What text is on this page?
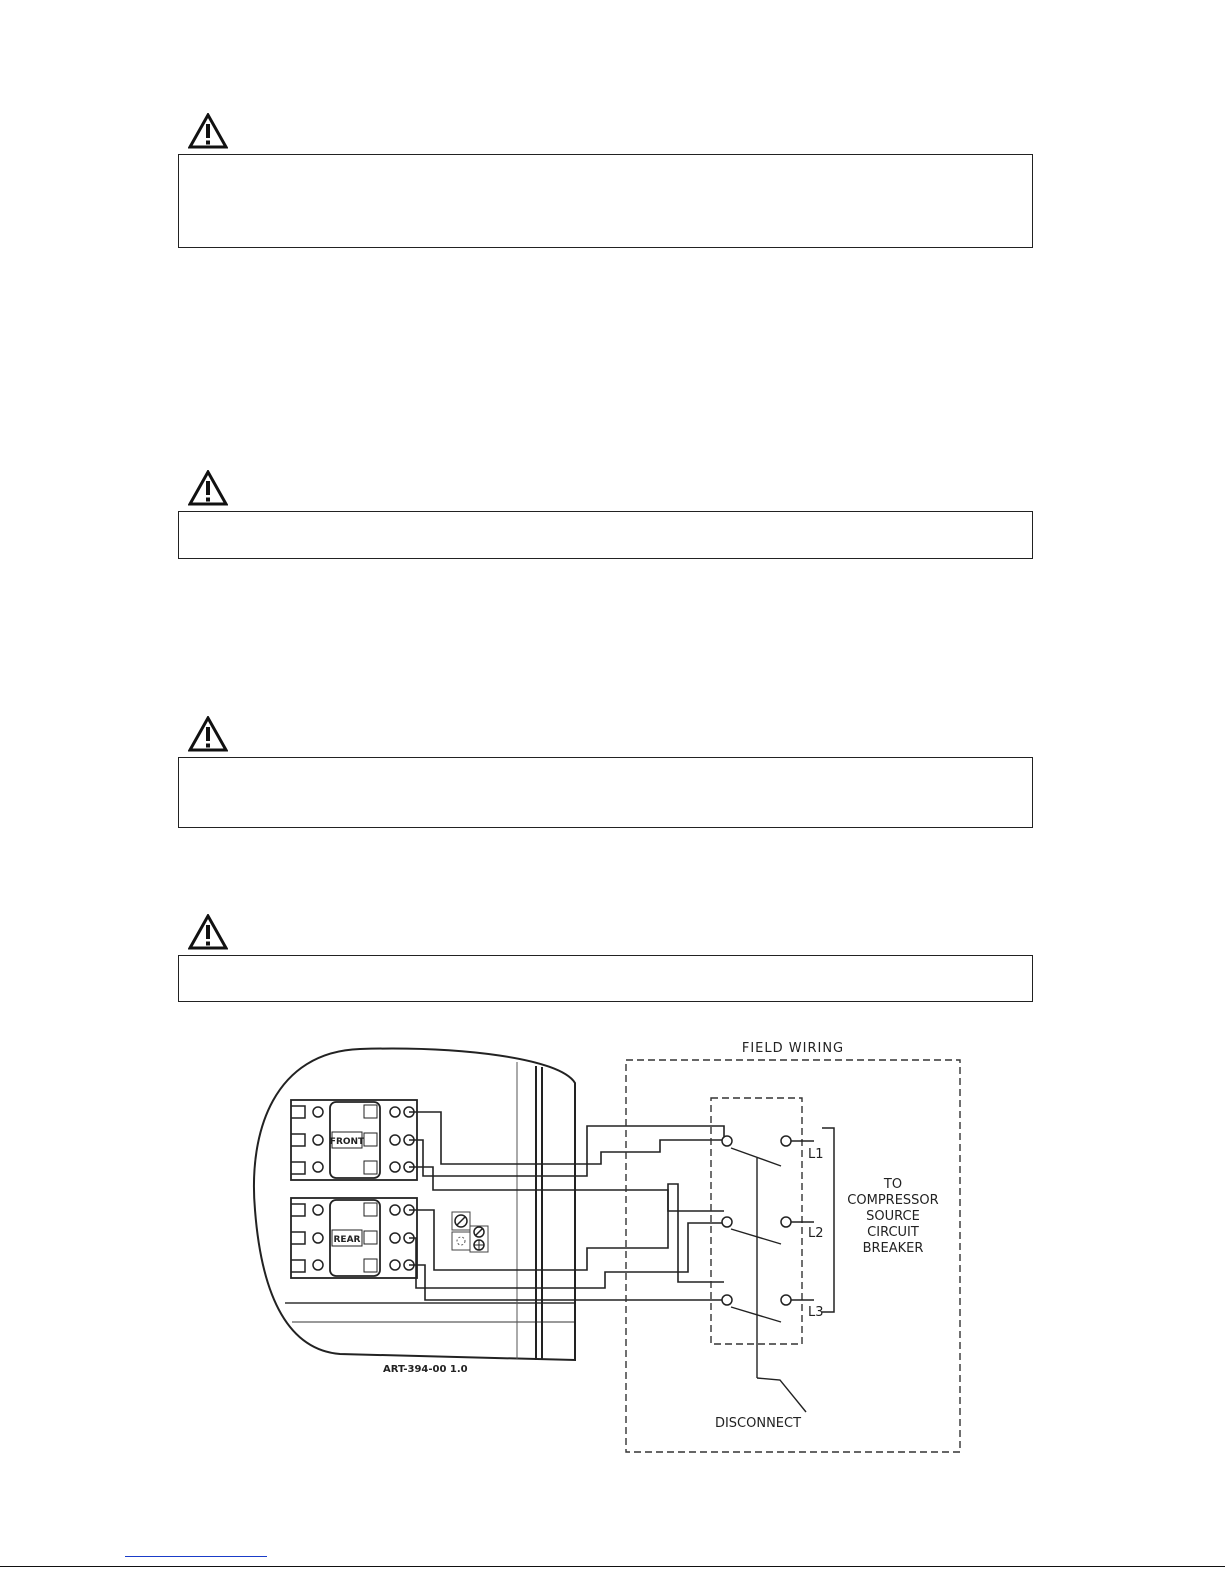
FRONT
REAR
FIELD WIRING
L1
L2
L3
TO
COMPRESSOR
SOURCE
CIRCUIT
BREAKER
ART-394-00 1.0
DISCONNECT
